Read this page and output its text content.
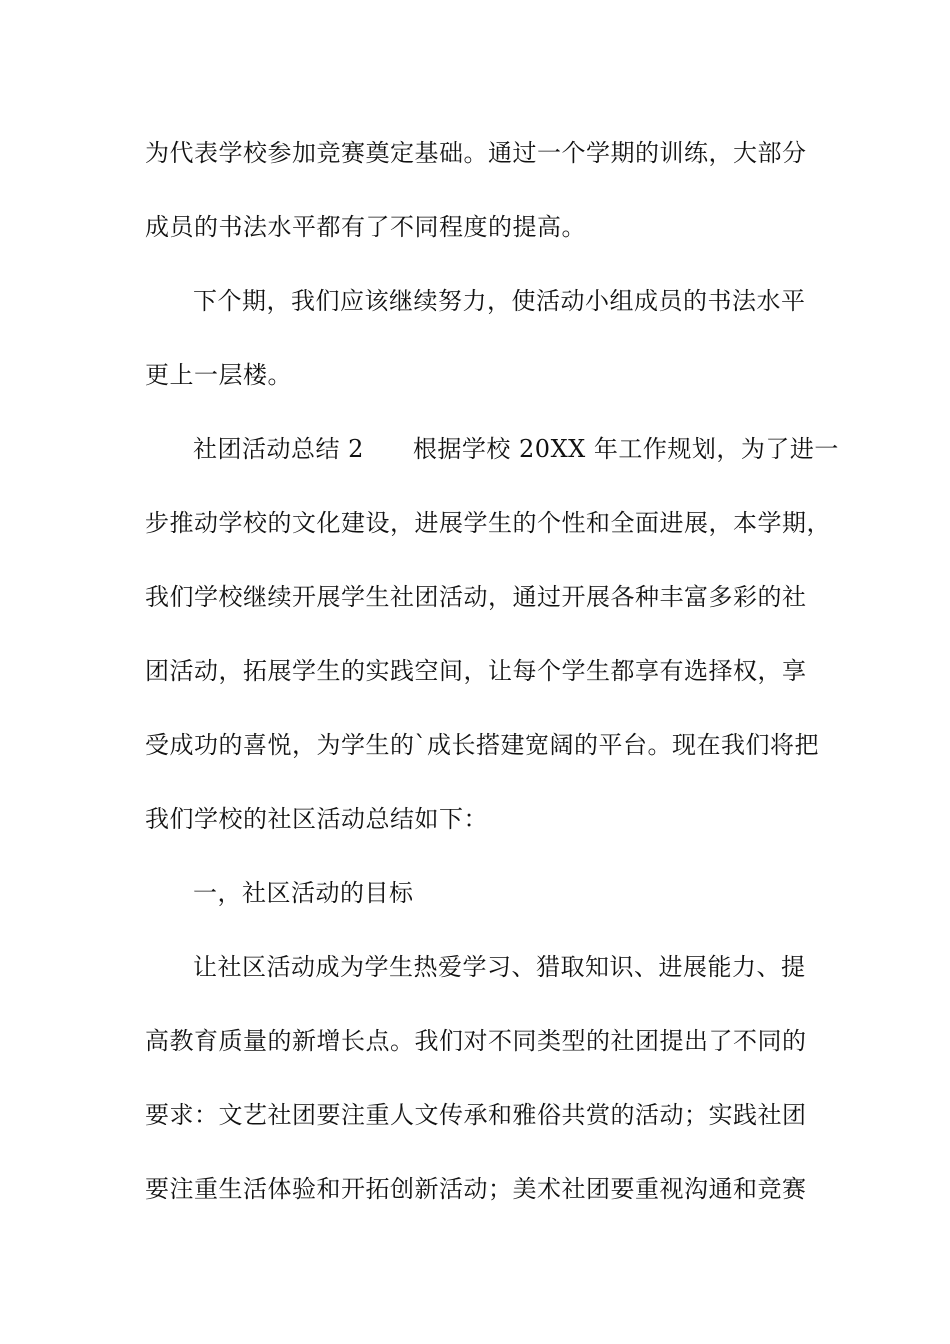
为代表学校参加竞赛奠定基础。通过一个学期的训练，大部分
成员的书法水平都有了不同程度的提高。
下个期，我们应该继续努力，使活动小组成员的书法水平
更上一层楼。
社团活动总结 2　　根据学校 20XX 年工作规划，为了进一
步推动学校的文化建设，进展学生的个性和全面进展，本学期，
我们学校继续开展学生社团活动，通过开展各种丰富多彩的社
团活动，拓展学生的实践空间，让每个学生都享有选择权，享
受成功的喜悦，为学生的`成长搭建宽阔的平台。现在我们将把
我们学校的社区活动总结如下：
一，社区活动的目标
让社区活动成为学生热爱学习、猎取知识、进展能力、提
高教育质量的新增长点。我们对不同类型的社团提出了不同的
要求：文艺社团要注重人文传承和雅俗共赏的活动；实践社团
要注重生活体验和开拓创新活动；美术社团要重视沟通和竞赛
